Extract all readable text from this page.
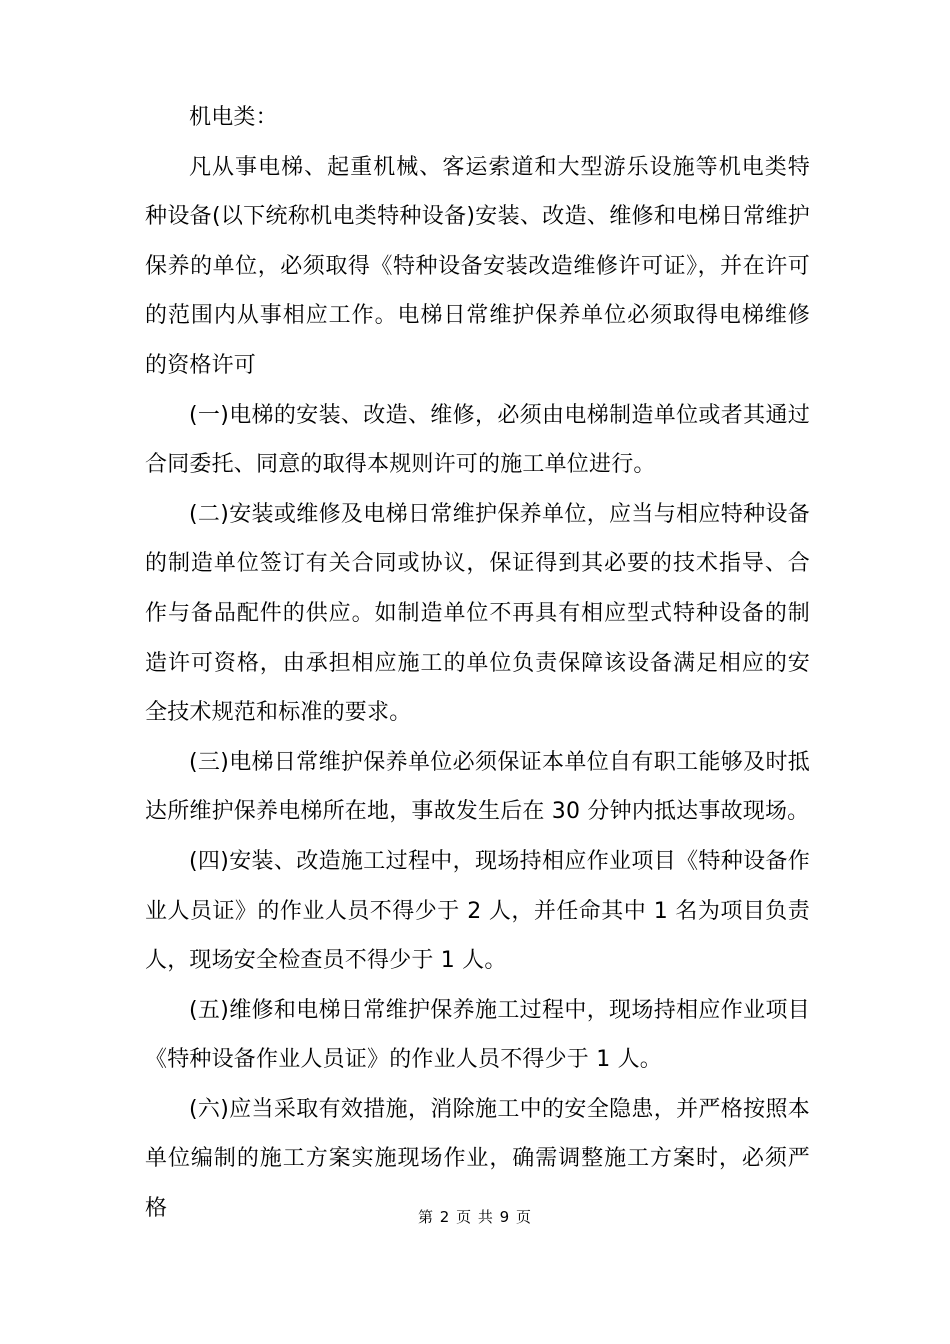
机电类：

凡从事电梯、起重机械、客运索道和大型游乐设施等机电类特种设备(以下统称机电类特种设备)安装、改造、维修和电梯日常维护保养的单位，必须取得《特种设备安装改造维修许可证》，并在许可的范围内从事相应工作。电梯日常维护保养单位必须取得电梯维修的资格许可

(一)电梯的安装、改造、维修，必须由电梯制造单位或者其通过合同委托、同意的取得本规则许可的施工单位进行。

(二)安装或维修及电梯日常维护保养单位，应当与相应特种设备的制造单位签订有关合同或协议，保证得到其必要的技术指导、合作与备品配件的供应。如制造单位不再具有相应型式特种设备的制造许可资格，由承担相应施工的单位负责保障该设备满足相应的安全技术规范和标准的要求。

(三)电梯日常维护保养单位必须保证本单位自有职工能够及时抵达所维护保养电梯所在地，事故发生后在 30 分钟内抵达事故现场。

(四)安装、改造施工过程中，现场持相应作业项目《特种设备作业人员证》的作业人员不得少于 2 人，并任命其中 1 名为项目负责人，现场安全检查员不得少于 1 人。

(五)维修和电梯日常维护保养施工过程中，现场持相应作业项目《特种设备作业人员证》的作业人员不得少于 1 人。

(六)应当采取有效措施，消除施工中的安全隐患，并严格按照本单位编制的施工方案实施现场作业，确需调整施工方案时，必须严格	第 2 页 共 9 页
